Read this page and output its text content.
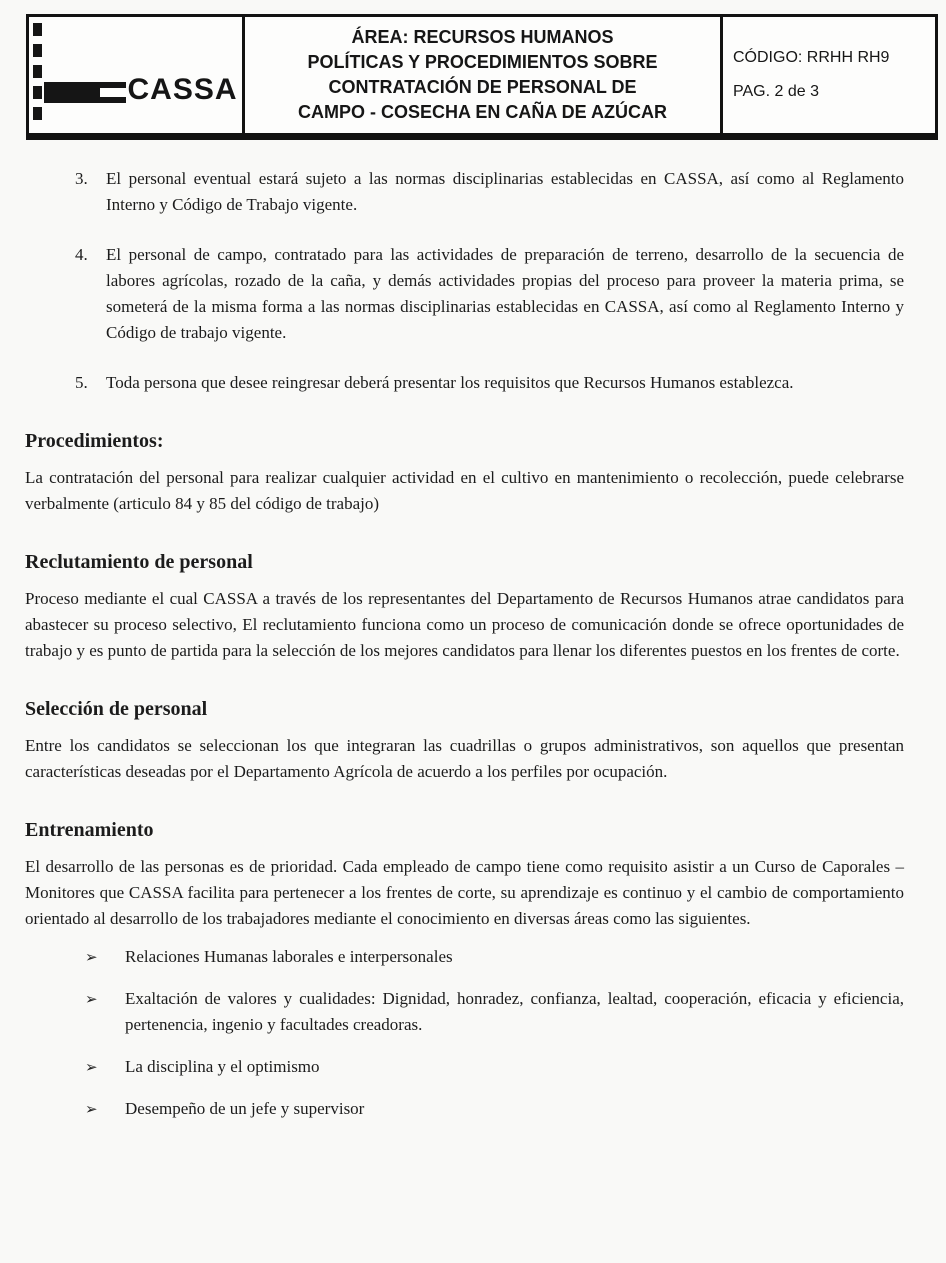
CASSA
ÁREA: RECURSOS HUMANOS
POLÍTICAS Y PROCEDIMIENTOS SOBRE
CONTRATACIÓN DE PERSONAL DE
CAMPO - COSECHA EN CAÑA DE AZÚCAR
CÓDIGO: RRHH RH9
PAG. 2 de 3
3.	El personal eventual estará sujeto a las normas disciplinarias establecidas en CASSA, así como al Reglamento Interno y Código de Trabajo vigente.
4.	El personal de campo, contratado para las actividades de preparación de terreno, desarrollo de la secuencia de labores agrícolas, rozado de la caña, y demás actividades propias del proceso para proveer la materia prima, se someterá de la misma forma a las normas disciplinarias establecidas en CASSA, así como al Reglamento Interno y Código de trabajo vigente.
5.	Toda persona que desee reingresar deberá presentar los requisitos que Recursos Humanos establezca.
Procedimientos:

La contratación del personal para realizar cualquier actividad en el cultivo en mantenimiento o recolección, puede celebrarse verbalmente (articulo 84 y 85 del código de trabajo)

Reclutamiento de personal

Proceso mediante el cual CASSA a través de los representantes del Departamento de Recursos Humanos atrae candidatos para abastecer su proceso selectivo, El reclutamiento funciona como un proceso de comunicación donde se ofrece oportunidades de trabajo y es punto de partida para la selección de los mejores candidatos para llenar los diferentes puestos en los frentes de corte.

Selección de personal

Entre los candidatos se seleccionan los que integraran las cuadrillas o grupos administrativos, son aquellos que presentan características deseadas por el Departamento Agrícola de acuerdo a los perfiles por ocupación.

Entrenamiento

El desarrollo de las personas es de prioridad. Cada empleado de campo tiene como requisito asistir a un Curso de Caporales – Monitores que CASSA facilita para pertenecer a los frentes de corte, su aprendizaje es continuo y el cambio de comportamiento orientado al desarrollo de los trabajadores mediante el conocimiento en diversas áreas como las siguientes.

➢	Relaciones Humanas laborales e interpersonales
➢	Exaltación de valores y cualidades: Dignidad, honradez, confianza, lealtad, cooperación, eficacia y eficiencia, pertenencia, ingenio y facultades creadoras.
➢	La disciplina y el optimismo
➢	Desempeño de un jefe y supervisor
